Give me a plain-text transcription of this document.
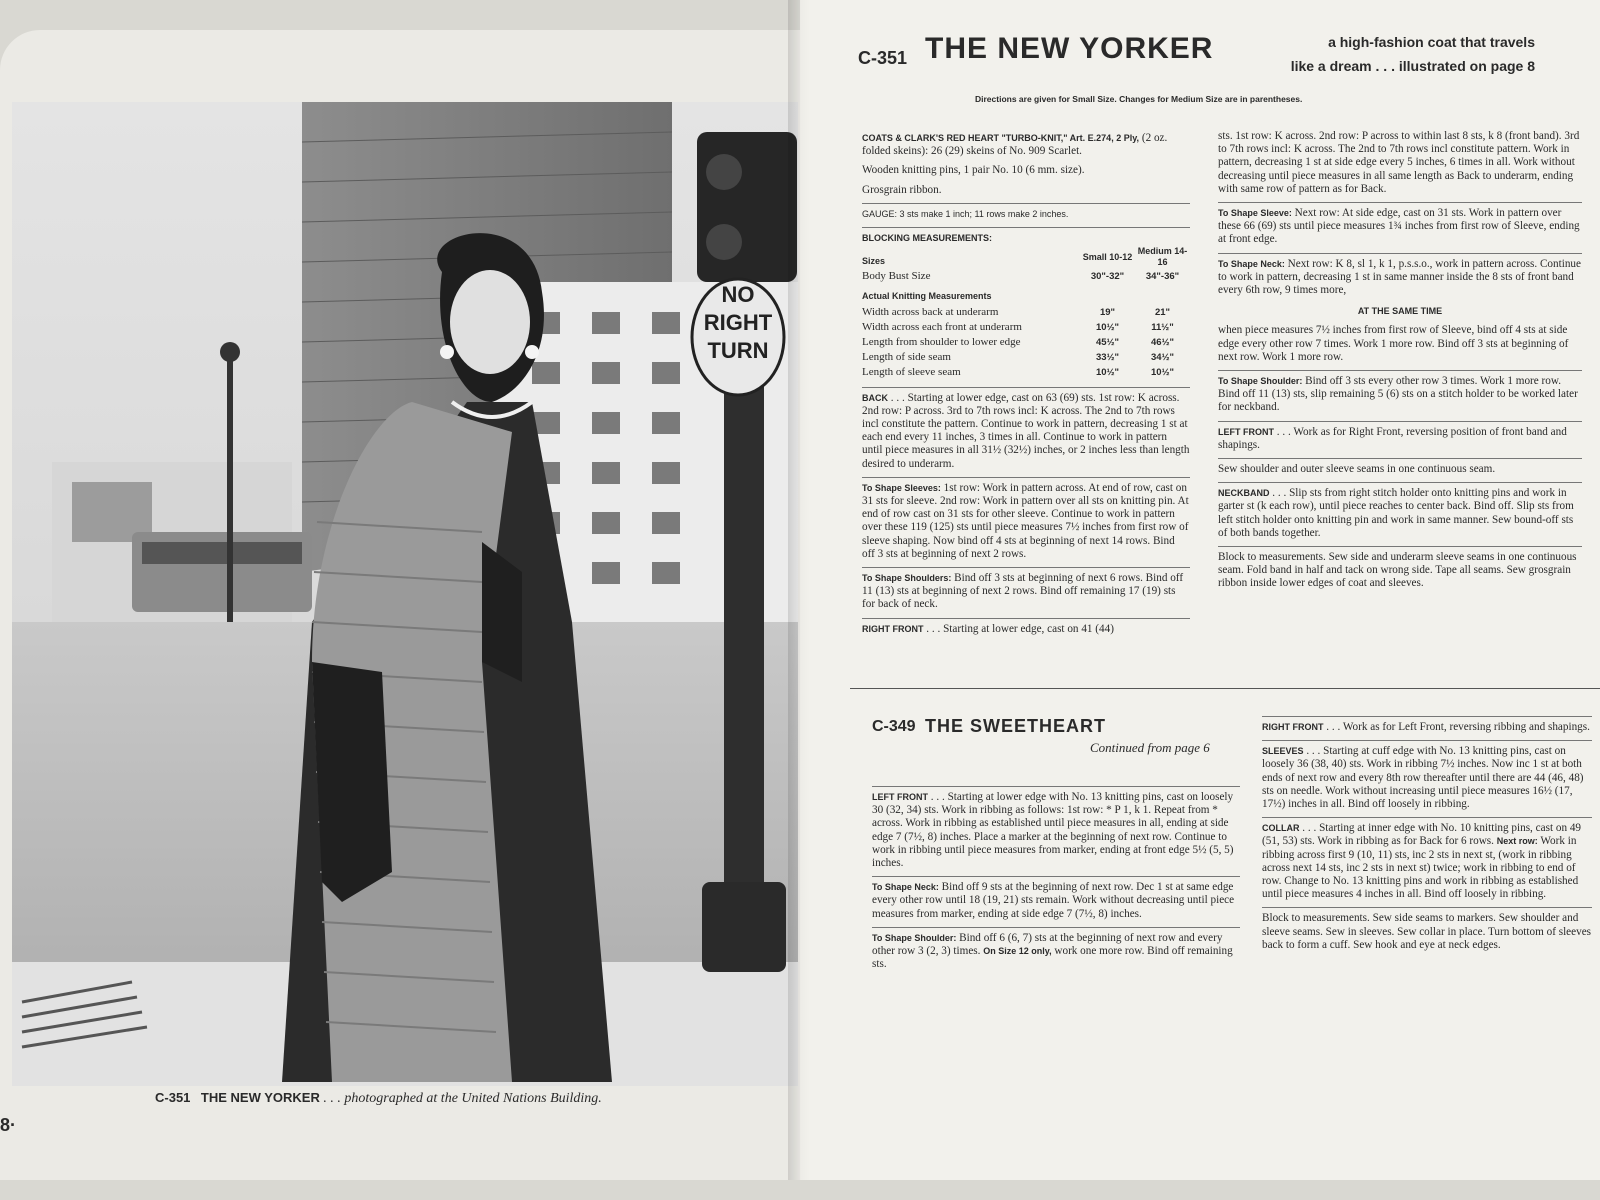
NO
RIGHT
TURN
C-351 THE NEW YORKER . . . photographed at the United Nations Building.
8·
C-351 THE NEW YORKER	a high-fashion coat that travels
like a dream . . . illustrated on page 8
Directions are given for Small Size. Changes for Medium Size are in parentheses.
COATS & CLARK'S RED HEART "TURBO-KNIT," Art. E.274, 2 Ply, (2 oz. folded skeins): 26 (29) skeins of No. 909 Scarlet.
Wooden knitting pins, 1 pair No. 10 (6 mm. size).
Grosgrain ribbon.
GAUGE: 3 sts make 1 inch; 11 rows make 2 inches.
BLOCKING MEASUREMENTS:
Sizes	Small 10-12	Medium 14-16
Body Bust Size	30"-32"	34"-36"
Actual Knitting Measurements		
Width across back at underarm	19"	21"
Width across each front at underarm	10½"	11½"
Length from shoulder to lower edge	45½"	46½"
Length of side seam	33½"	34½"
Length of sleeve seam	10½"	10½"
BACK . . . Starting at lower edge, cast on 63 (69) sts. 1st row: K across. 2nd row: P across. 3rd to 7th rows incl: K across. The 2nd to 7th rows incl constitute the pattern. Continue to work in pattern, decreasing 1 st at each end every 11 inches, 3 times in all. Continue to work in pattern until piece measures in all 31½ (32½) inches, or 2 inches less than length desired to underarm.
To Shape Sleeves: 1st row: Work in pattern across. At end of row, cast on 31 sts for sleeve. 2nd row: Work in pattern over all sts on knitting pin. At end of row cast on 31 sts for other sleeve. Continue to work in pattern over these 119 (125) sts until piece measures 7½ inches from first row of sleeve shaping. Now bind off 4 sts at beginning of next 14 rows. Bind off 3 sts at beginning of next 2 rows.
To Shape Shoulders: Bind off 3 sts at beginning of next 6 rows. Bind off 11 (13) sts at beginning of next 2 rows. Bind off remaining 17 (19) sts for back of neck.
RIGHT FRONT . . . Starting at lower edge, cast on 41 (44)
sts. 1st row: K across. 2nd row: P across to within last 8 sts, k 8 (front band). 3rd to 7th rows incl: K across. The 2nd to 7th rows incl constitute pattern. Work in pattern, decreasing 1 st at side edge every 5 inches, 6 times in all. Work without decreasing until piece measures in all same length as Back to underarm, ending with same row of pattern as for Back.
To Shape Sleeve: Next row: At side edge, cast on 31 sts. Work in pattern over these 66 (69) sts until piece measures 1¾ inches from first row of Sleeve, ending at front edge.
To Shape Neck: Next row: K 8, sl 1, k 1, p.s.s.o., work in pattern across. Continue to work in pattern, decreasing 1 st in same manner inside the 8 sts of front band every 6th row, 9 times more,
AT THE SAME TIME
when piece measures 7½ inches from first row of Sleeve, bind off 4 sts at side edge every other row 7 times. Work 1 more row. Bind off 3 sts at beginning of next row. Work 1 more row.
To Shape Shoulder: Bind off 3 sts every other row 3 times. Work 1 more row. Bind off 11 (13) sts, slip remaining 5 (6) sts on a stitch holder to be worked later for neckband.
LEFT FRONT . . . Work as for Right Front, reversing position of front band and shapings.
Sew shoulder and outer sleeve seams in one continuous seam.
NECKBAND . . . Slip sts from right stitch holder onto knitting pins and work in garter st (k each row), until piece reaches to center back. Bind off. Slip sts from left stitch holder onto knitting pin and work in same manner. Sew bound-off sts of both bands together.
Block to measurements. Sew side and underarm sleeve seams in one continuous seam. Fold band in half and tack on wrong side. Tape all seams. Sew grosgrain ribbon inside lower edges of coat and sleeves.
C-349 THE SWEETHEART
Continued from page 6
LEFT FRONT . . . Starting at lower edge with No. 13 knitting pins, cast on loosely 30 (32, 34) sts. Work in ribbing as follows: 1st row: * P 1, k 1. Repeat from * across. Work in ribbing as established until piece measures in all, ending at side edge 7 (7½, 8) inches. Place a marker at the beginning of next row. Continue to work in ribbing until piece measures from marker, ending at front edge 5½ (5, 5) inches.
To Shape Neck: Bind off 9 sts at the beginning of next row. Dec 1 st at same edge every other row until 18 (19, 21) sts remain. Work without decreasing until piece measures from marker, ending at side edge 7 (7½, 8) inches.
To Shape Shoulder: Bind off 6 (6, 7) sts at the beginning of next row and every other row 3 (2, 3) times. On Size 12 only, work one more row. Bind off remaining sts.
RIGHT FRONT . . . Work as for Left Front, reversing ribbing and shapings.
SLEEVES . . . Starting at cuff edge with No. 13 knitting pins, cast on loosely 36 (38, 40) sts. Work in ribbing 7½ inches. Now inc 1 st at both ends of next row and every 8th row thereafter until there are 44 (46, 48) sts on needle. Work without increasing until piece measures 16½ (17, 17½) inches in all. Bind off loosely in ribbing.
COLLAR . . . Starting at inner edge with No. 10 knitting pins, cast on 49 (51, 53) sts. Work in ribbing as for Back for 6 rows. Next row: Work in ribbing across first 9 (10, 11) sts, inc 2 sts in next st, (work in ribbing across next 14 sts, inc 2 sts in next st) twice; work in ribbing to end of row. Change to No. 13 knitting pins and work in ribbing as established until piece measures 4 inches in all. Bind off loosely in ribbing.
Block to measurements. Sew side seams to markers. Sew shoulder and sleeve seams. Sew in sleeves. Sew collar in place. Turn bottom of sleeves back to form a cuff. Sew hook and eye at neck edges.
